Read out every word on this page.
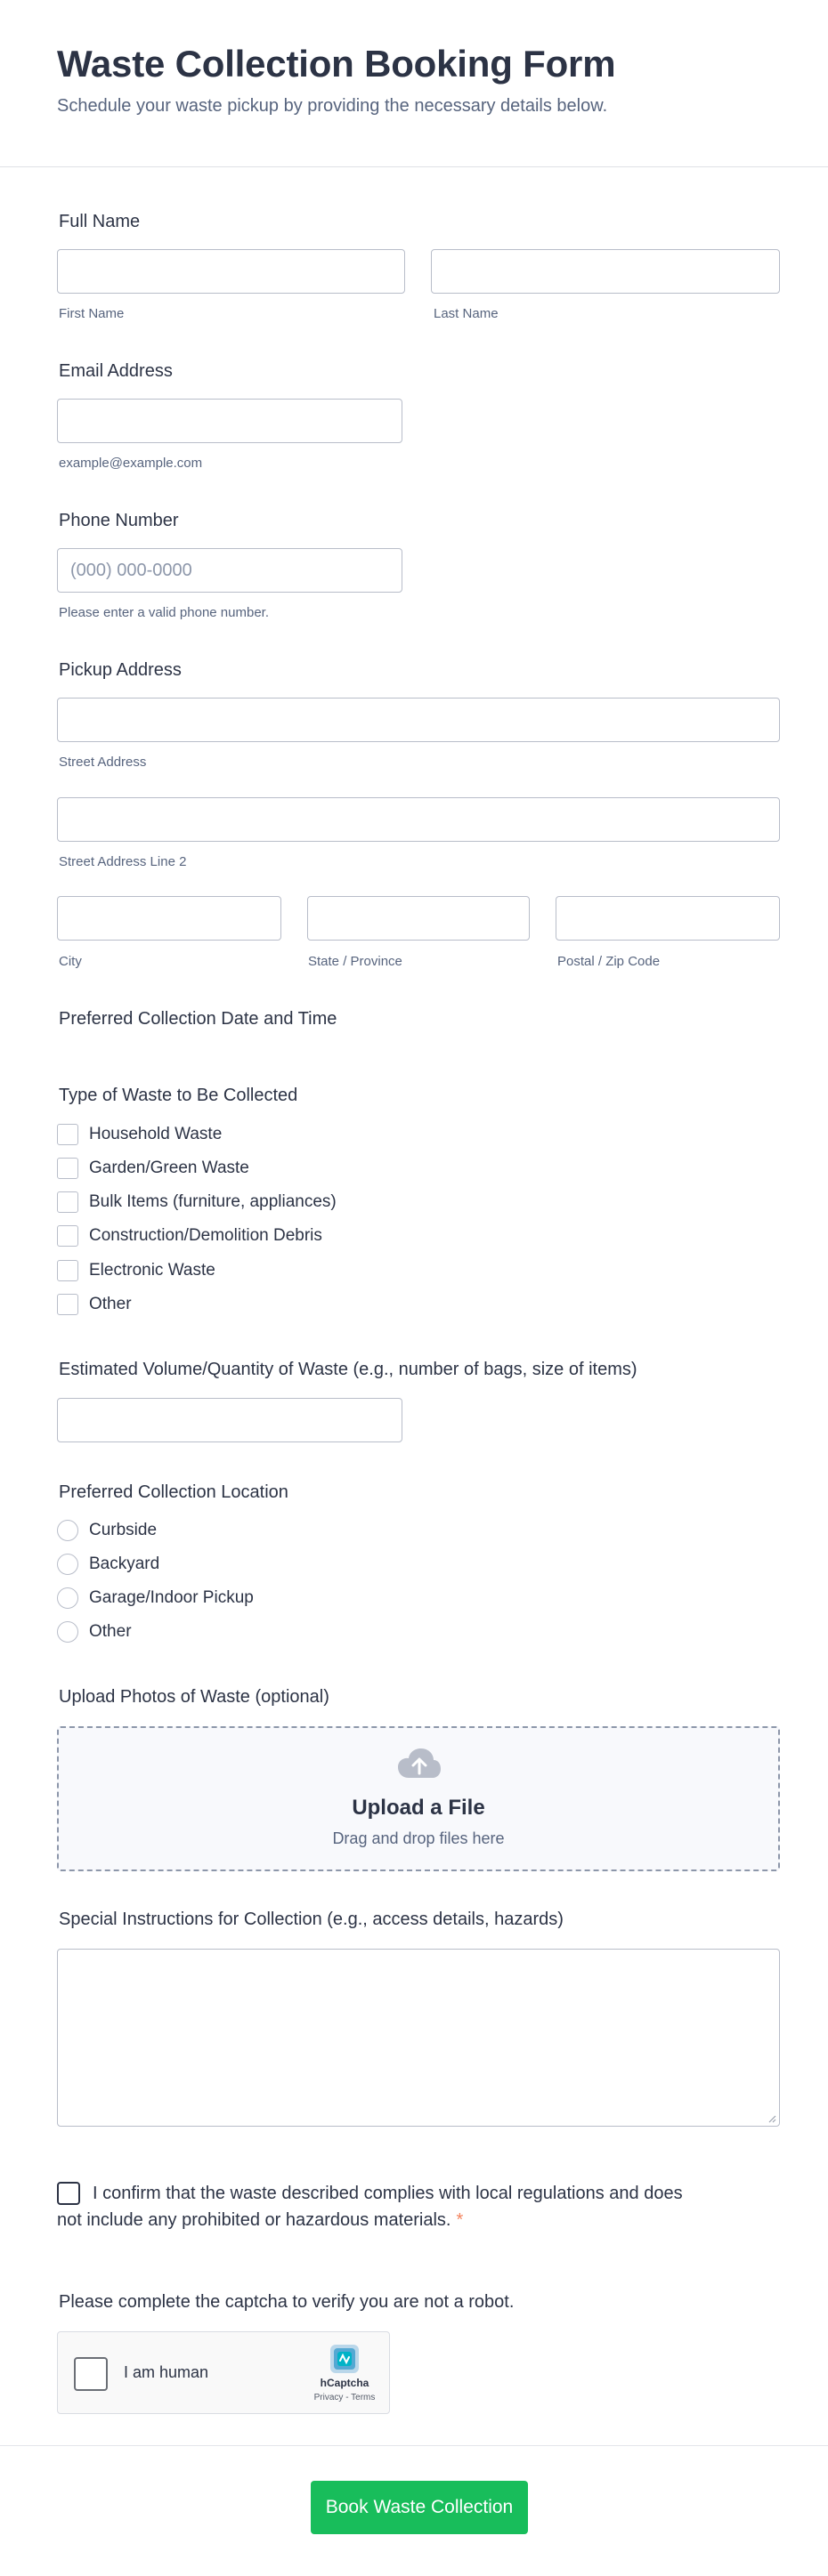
Waste Collection Booking Form
Schedule your waste pickup by providing the necessary details below.
Full Name
First Name	Last Name
Email Address
example@example.com
Phone Number
(000) 000-0000
Please enter a valid phone number.
Pickup Address
Street Address
Street Address Line 2
City	State / Province	Postal / Zip Code
Preferred Collection Date and Time
Type of Waste to Be Collected
Household Waste
Garden/Green Waste
Bulk Items (furniture, appliances)
Construction/Demolition Debris
Electronic Waste
Other
Estimated Volume/Quantity of Waste (e.g., number of bags, size of items)
Preferred Collection Location
Curbside
Backyard
Garage/Indoor Pickup
Other
Upload Photos of Waste (optional)
Upload a File
Drag and drop files here
Special Instructions for Collection (e.g., access details, hazards)
I confirm that the waste described complies with local regulations and does not include any prohibited or hazardous materials. *
Please complete the captcha to verify you are not a robot.
I am human
hCaptcha
Privacy - Terms
Book Waste Collection
